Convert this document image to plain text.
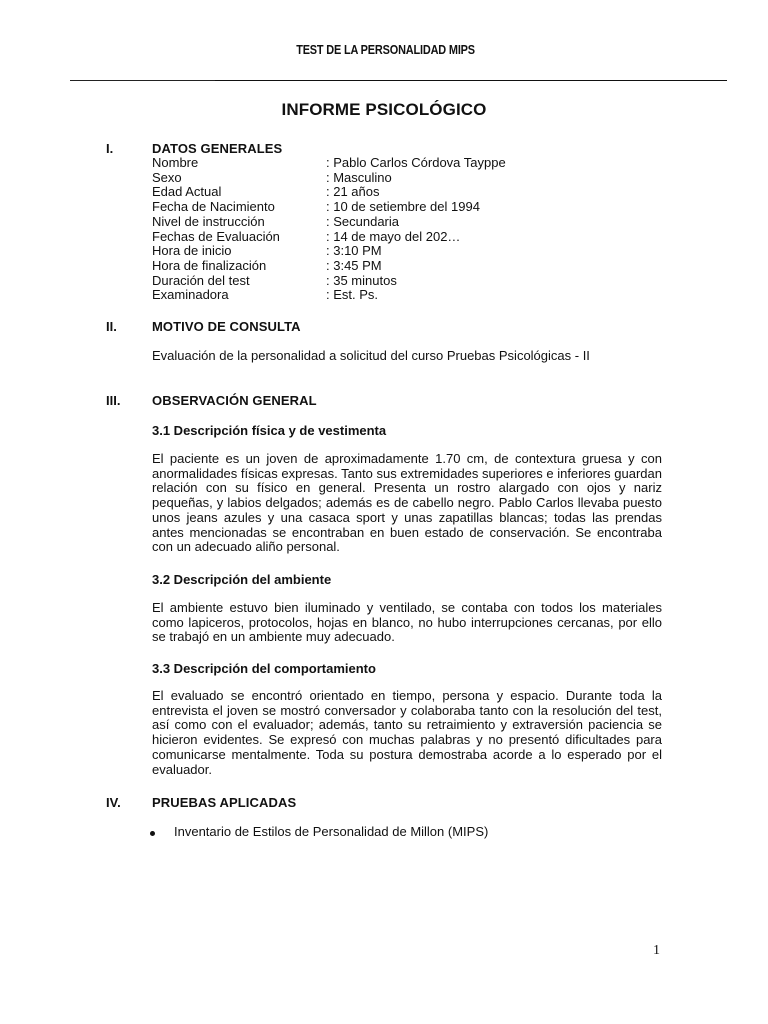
TEST DE LA PERSONALIDAD MIPS
INFORME PSICOLÓGICO
I.	DATOS GENERALES
Nombre	: Pablo Carlos Córdova Tayppe
Sexo	: Masculino
Edad Actual	: 21 años
Fecha de Nacimiento	: 10 de setiembre del 1994
Nivel de instrucción	: Secundaria
Fechas de Evaluación	: 14 de mayo del 202…
Hora de inicio	: 3:10 PM
Hora de finalización	: 3:45 PM
Duración del test	: 35 minutos
Examinadora	: Est. Ps.
II.	MOTIVO DE CONSULTA
Evaluación de la personalidad a solicitud del curso Pruebas Psicológicas - II
III. OBSERVACIÓN GENERAL
3.1 Descripción física y de vestimenta
El paciente es un joven de aproximadamente 1.70 cm, de contextura gruesa y con anormalidades físicas expresas. Tanto sus extremidades superiores e inferiores guardan relación con su físico en general. Presenta un rostro alargado con ojos y nariz pequeñas, y labios delgados; además es de cabello negro. Pablo Carlos llevaba puesto unos jeans azules y una casaca sport y unas zapatillas blancas; todas las prendas antes mencionadas se encontraban en buen estado de conservación. Se encontraba con un adecuado aliño personal.
3.2 Descripción del ambiente
El ambiente estuvo bien iluminado y ventilado, se contaba con todos los materiales como lapiceros, protocolos, hojas en blanco, no hubo interrupciones cercanas, por ello se trabajó en un ambiente muy adecuado.
3.3 Descripción del comportamiento
El evaluado se encontró orientado en tiempo, persona y espacio. Durante toda la entrevista el joven se mostró conversador y colaboraba tanto con la resolución del test, así como con el evaluador; además, tanto su retraimiento y extraversión paciencia se hicieron evidentes. Se expresó con muchas palabras y no presentó dificultades para comunicarse mentalmente. Toda su postura demostraba acorde a lo esperado por el evaluador.
IV. PRUEBAS APLICADAS
Inventario de Estilos de Personalidad de Millon (MIPS)
1
